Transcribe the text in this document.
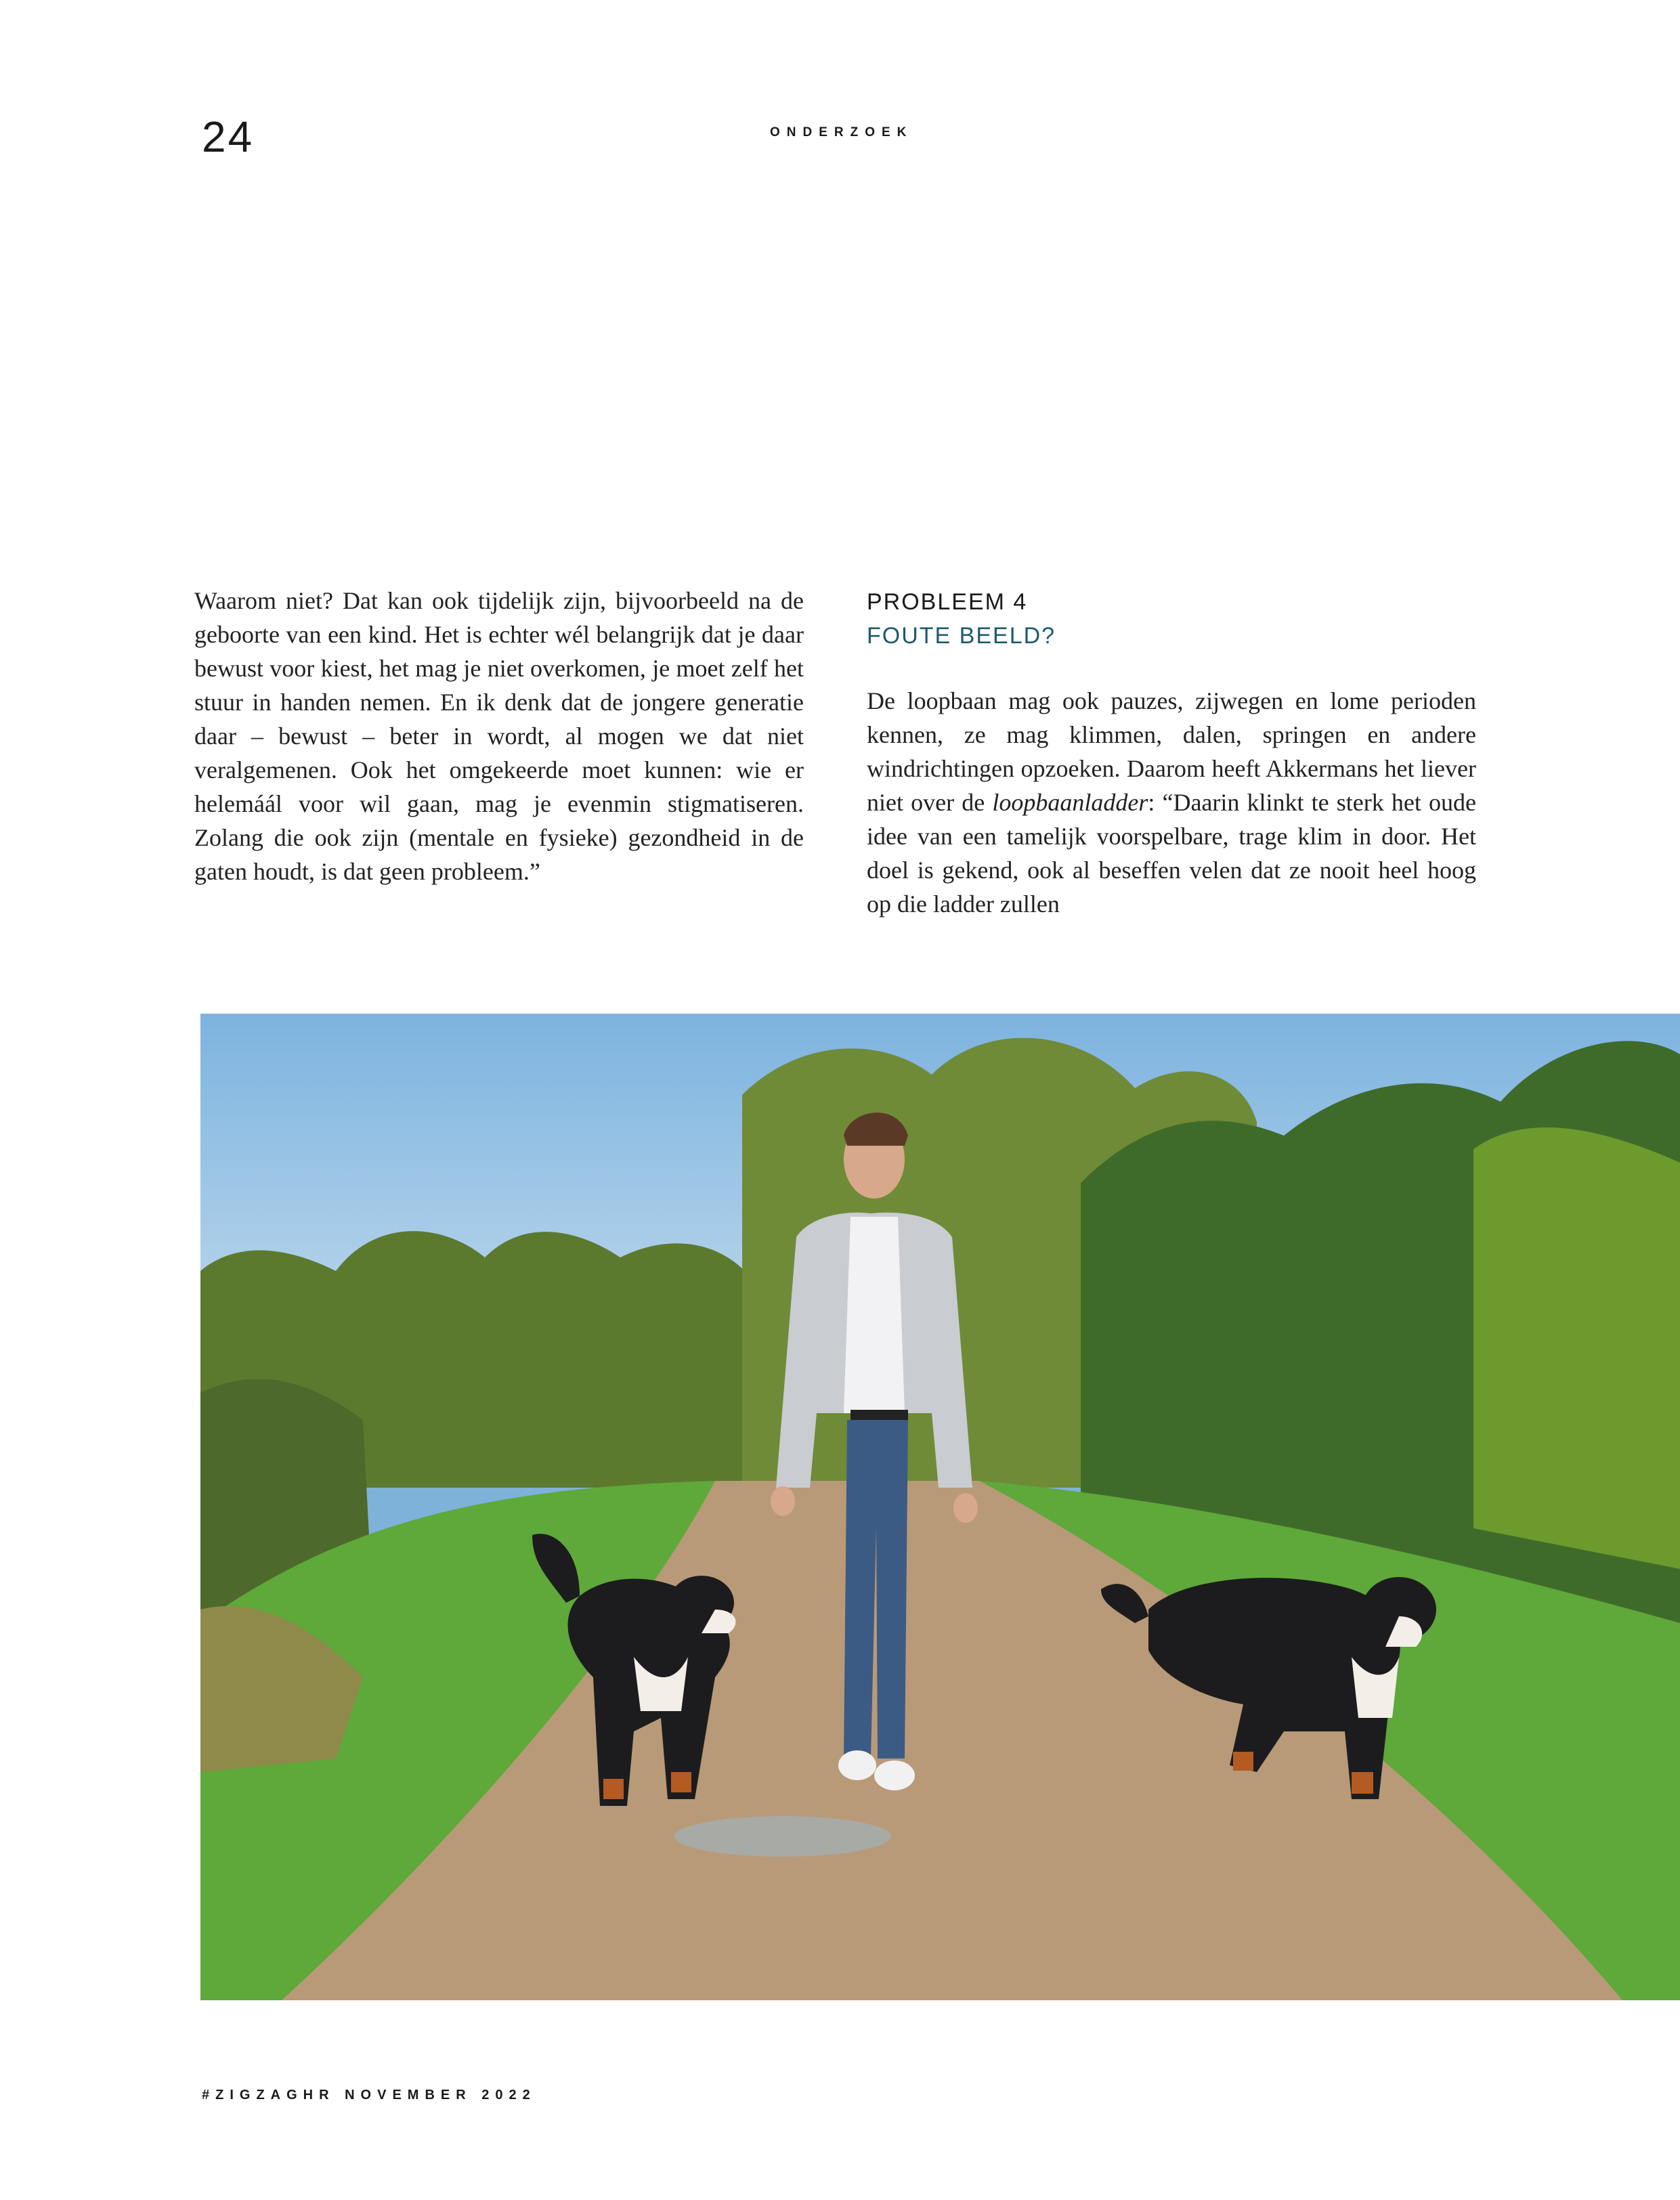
24	ONDERZOEK

Waarom niet? Dat kan ook tijdelijk zijn, bijvoorbeeld na de geboorte van een kind. Het is echter wél belangrijk dat je daar bewust voor kiest, het mag je niet overkomen, je moet zelf het stuur in handen nemen. En ik denk dat de jongere generatie daar – bewust – beter in wordt, al mogen we dat niet veralgemenen. Ook het omgekeerde moet kunnen: wie er helemáál voor wil gaan, mag je evenmin stigmatiseren. Zolang die ook zijn (mentale en fysieke) gezondheid in de gaten houdt, is dat geen probleem.”

PROBLEEM 4
FOUTE BEELD?

De loopbaan mag ook pauzes, zijwegen en lome perioden kennen, ze mag klimmen, dalen, springen en andere windrichtingen opzoeken. Daarom heeft Akkermans het liever niet over de loopbaanladder: “Daarin klinkt te sterk het oude idee van een tamelijk voorspelbare, trage klim in door. Het doel is gekend, ook al beseffen velen dat ze nooit heel hoog op die ladder zullen

#ZIGZAGHR NOVEMBER 2022
